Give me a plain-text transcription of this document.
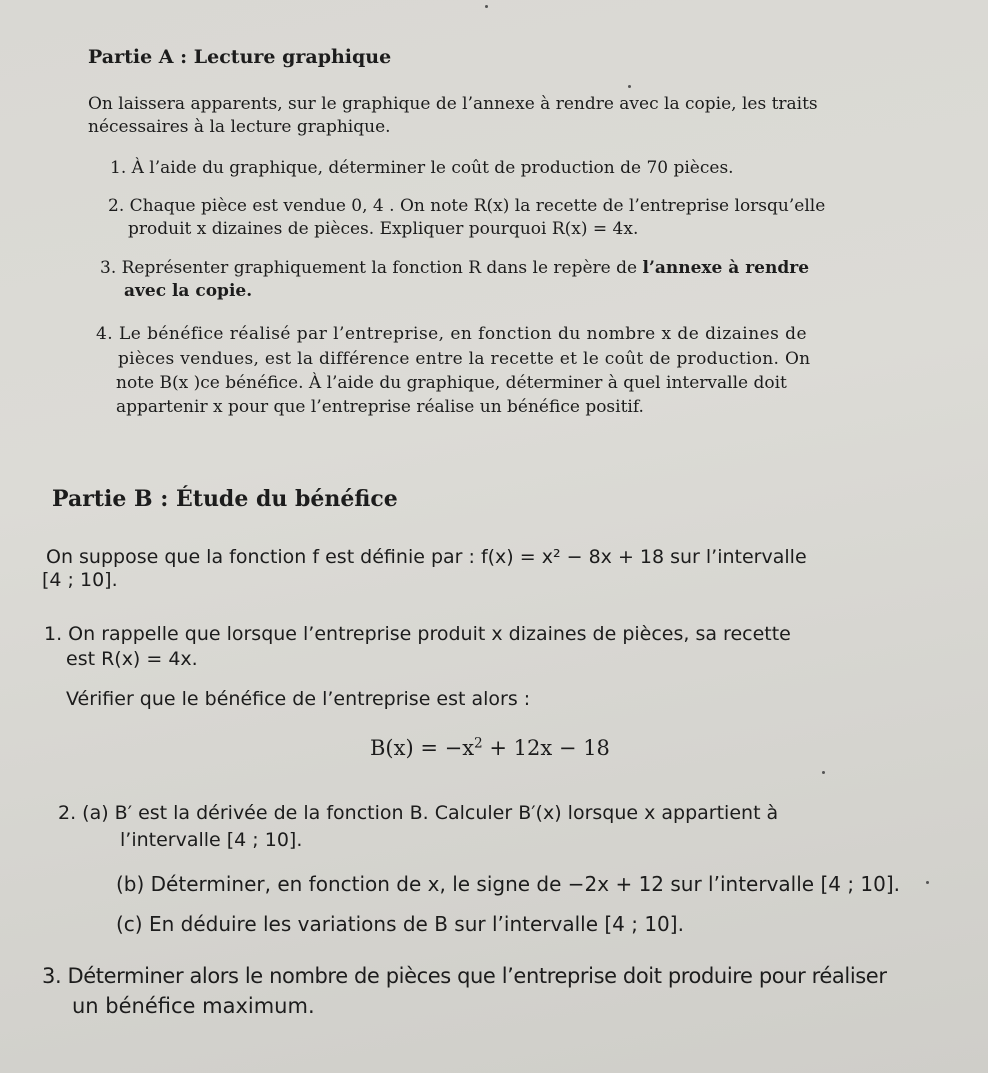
Partie A : Lecture graphique
On laissera apparents, sur le graphique de l’annexe à rendre avec la copie, les traits
nécessaires à la lecture graphique.
1. À l’aide du graphique, déterminer le coût de production de 70 pièces.
2. Chaque pièce est vendue 0, 4 . On note R(x) la recette de l’entreprise lorsqu’elle
produit x dizaines de pièces. Expliquer pourquoi R(x) = 4x.
3. Représenter graphiquement la fonction R dans le repère de l’annexe à rendre
avec la copie.
4. Le bénéfice réalisé par l’entreprise, en fonction du nombre x de dizaines de
pièces vendues, est la différence entre la recette et le coût de production. On
note B(x )ce bénéfice. À l’aide du graphique, déterminer à quel intervalle doit
appartenir x pour que l’entreprise réalise un bénéfice positif.
Partie B : Étude du bénéfice
On suppose que la fonction f est définie par : f(x) = x² − 8x + 18 sur l’intervalle
[4 ; 10].
1. On rappelle que lorsque l’entreprise produit x dizaines de pièces, sa recette
est R(x) = 4x.
Vérifier que le bénéfice de l’entreprise est alors :
$B(x) = -x^2 + 12x - 18$
2. (a) B′ est la dérivée de la fonction B. Calculer B′(x) lorsque x appartient à
l’intervalle [4 ; 10].
(b) Déterminer, en fonction de x, le signe de −2x + 12 sur l’intervalle [4 ; 10].
(c) En déduire les variations de B sur l’intervalle [4 ; 10].
3. Déterminer alors le nombre de pièces que l’entreprise doit produire pour réaliser
un bénéfice maximum.
